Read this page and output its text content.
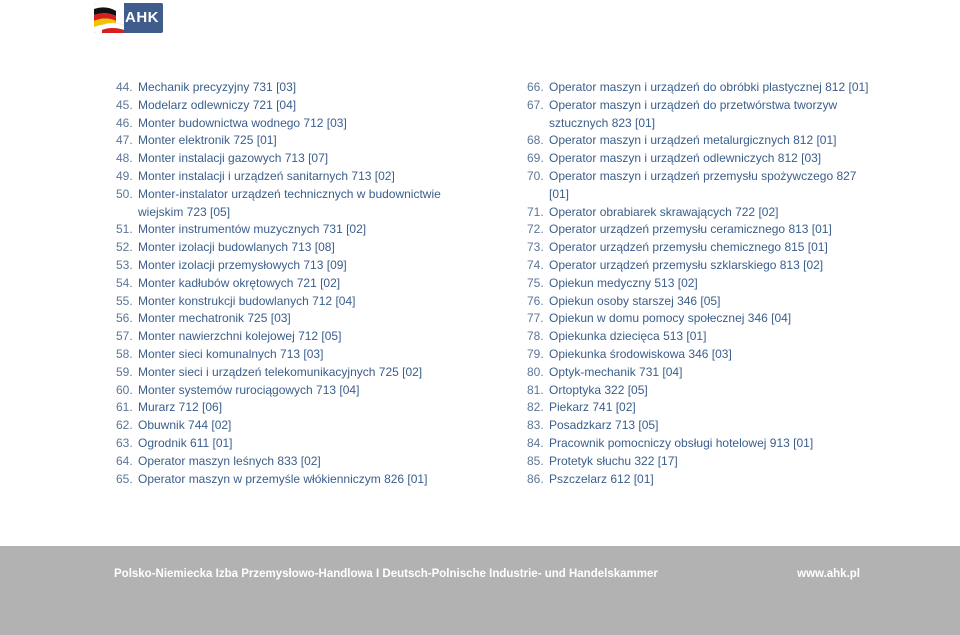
AHK
44. Mechanik precyzyjny 731 [03]
45. Modelarz odlewniczy 721 [04]
46. Monter budownictwa wodnego 712 [03]
47. Monter elektronik 725 [01]
48. Monter instalacji gazowych 713 [07]
49. Monter instalacji i urządzeń sanitarnych 713 [02]
50. Monter-instalator urządzeń technicznych w budownictwie wiejskim 723 [05]
51. Monter instrumentów muzycznych 731 [02]
52. Monter izolacji budowlanych 713 [08]
53. Monter izolacji przemysłowych 713 [09]
54. Monter kadłubów okrętowych 721 [02]
55. Monter konstrukcji budowlanych 712 [04]
56. Monter mechatronik 725 [03]
57. Monter nawierzchni kolejowej 712 [05]
58. Monter sieci komunalnych 713 [03]
59. Monter sieci i urządzeń telekomunikacyjnych 725 [02]
60. Monter systemów rurociągowych 713 [04]
61. Murarz 712 [06]
62. Obuwnik 744 [02]
63. Ogrodnik 611 [01]
64. Operator maszyn leśnych 833 [02]
65. Operator maszyn w przemyśle włókienniczym 826 [01]
66. Operator maszyn i urządzeń do obróbki plastycznej 812 [01]
67. Operator maszyn i urządzeń do przetwórstwa tworzyw sztucznych 823 [01]
68. Operator maszyn i urządzeń metalurgicznych 812 [01]
69. Operator maszyn i urządzeń odlewniczych 812 [03]
70. Operator maszyn i urządzeń przemysłu spożywczego 827 [01]
71. Operator obrabiarek skrawających 722 [02]
72. Operator urządzeń przemysłu ceramicznego 813 [01]
73. Operator urządzeń przemysłu chemicznego 815 [01]
74. Operator urządzeń przemysłu szklarskiego 813 [02]
75. Opiekun medyczny 513 [02]
76. Opiekun osoby starszej 346 [05]
77. Opiekun w domu pomocy społecznej 346 [04]
78. Opiekunka dziecięca 513 [01]
79. Opiekunka środowiskowa 346 [03]
80. Optyk-mechanik 731 [04]
81. Ortoptyka 322 [05]
82. Piekarz 741 [02]
83. Posadzkarz 713 [05]
84. Pracownik pomocniczy obsługi hotelowej 913 [01]
85. Protetyk słuchu 322 [17]
86. Pszczelarz 612 [01]
Polsko-Niemiecka Izba Przemysłowo-Handlowa I Deutsch-Polnische Industrie- und Handelskammer	www.ahk.pl
